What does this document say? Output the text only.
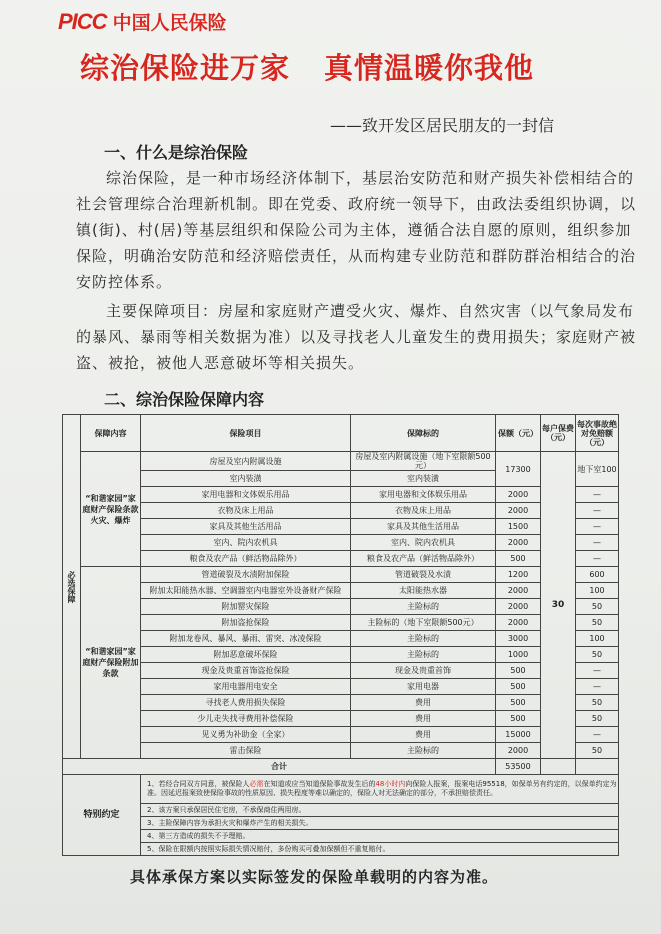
PICC 中国人民保险
综治保险进万家 真情温暖你我他
——致开发区居民朋友的一封信
一、什么是综治保险
综治保险，是一种市场经济体制下，基层治安防范和财产损失补偿相结合的社会管理综合治理新机制。即在党委、政府统一领导下，由政法委组织协调，以镇(街)、村(居)等基层组织和保险公司为主体，遵循合法自愿的原则，组织参加保险，明确治安防范和经济赔偿责任，从而构建专业防范和群防群治相结合的治安防控体系。
主要保障项目：房屋和家庭财产遭受火灾、爆炸、自然灾害（以气象局发布的暴风、暴雨等相关数据为准）以及寻找老人儿童发生的费用损失；家庭财产被盗、被抢，被他人恶意破坏等相关损失。
二、综治保险保障内容
必选保障	保障内容	保险项目	保障标的	保额（元）	每户保费（元）	每次事故绝对免赔额（元）
	“和谐家园”家庭财产保险条款火灾、爆炸	房屋及室内附属设施	房屋及室内附属设施（地下室限额500元）	17300	30	地下室100
		室内装潢	室内装潢			
		家用电器和文体娱乐用品	家用电器和文体娱乐用品	2000		—
		衣物及床上用品	衣物及床上用品	2000		—
		家具及其他生活用品	家具及其他生活用品	1500		—
		室内、院内农机具	室内、院内农机具	2000		—
		粮食及农产品（鲜活物品除外）	粮食及农产品（鲜活物品除外）	500		—
	“和谐家园”家庭财产保险附加条款	管道破裂及水渍附加保险	管道破裂及水渍	1200		600
		附加太阳能热水器、空调器室内电器室外设备财产保险	太阳能热水器	2000		100
		附加罂灾保险	主险标的	2000		50
		附加盗抢保险	主险标的（地下室限额500元）	2000		50
		附加龙卷风、暴风、暴雨、雷突、冰凌保险	主险标的	3000		100
		附加恶意破坏保险	主险标的	1000		50
		现金及贵重首饰盗抢保险	现金及贵重首饰	500		—
		家用电器用电安全	家用电器	500		—
		寻找老人费用损失保险	费用	500		50
		少儿走失找寻费用补偿保险	费用	500		50
		见义勇为补助金（全家）	费用	15000		—
		雷击保险	主险标的	2000		50
合计				53500		
特别约定		1、若经合同双方同意，被保险人必需在知道或应当知道保险事故发生后的48小时内向保险人报案，报案电话95518，如保单另有约定的，以保单约定为准。因延迟报案致使保险事故的性质原因、损失程度等难以确定的，保险人对无法确定的部分，不承担赔偿责任。				
		2、该方案只承保居民住宅房，不承保商住两用房。				
		3、主险保障内容为承担火灾和爆炸产生的相关损失。				
		4、第三方造成的损失不予理赔。				
		5、保险在限额内按照实际损失情况赔付，多份购买可叠加保额但不重复赔付。				
具体承保方案以实际签发的保险单载明的内容为准。
